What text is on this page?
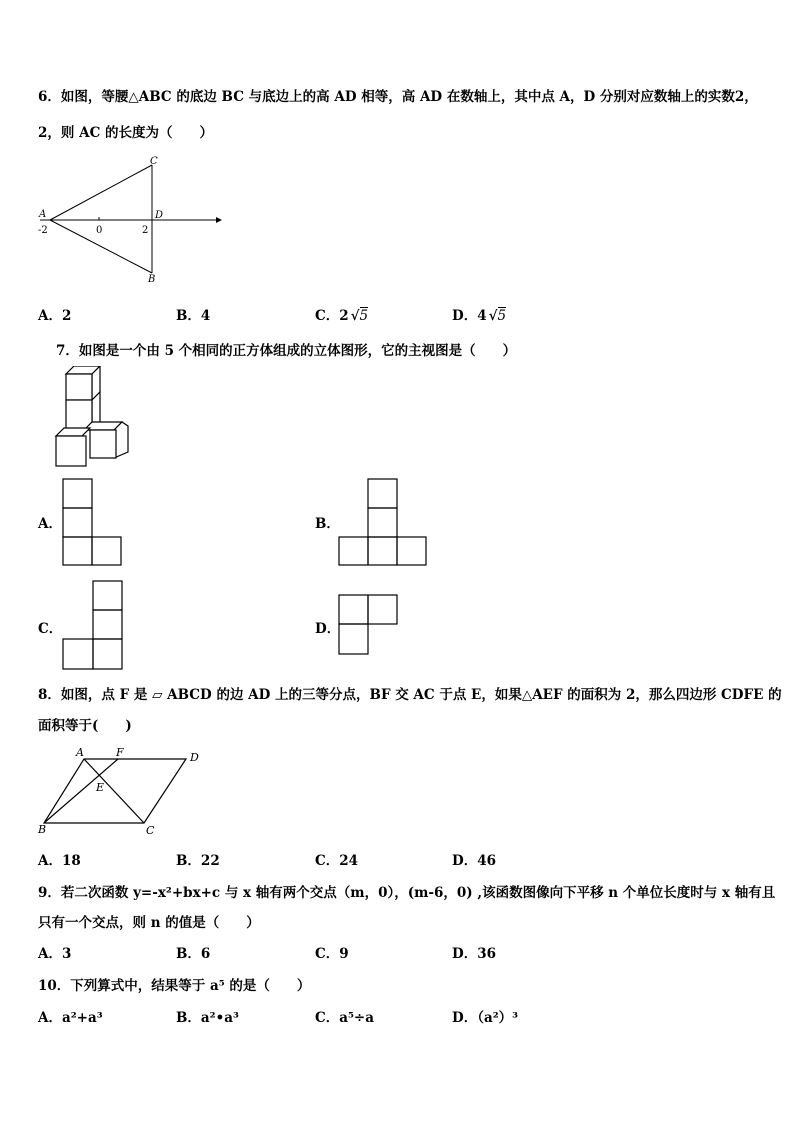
6．如图，等腰△ABC 的底边 BC 与底边上的高 AD 相等，高 AD 在数轴上，其中点 A，D 分别对应数轴上的实数2，
2，则 AC 的长度为（　　）
A
-2	0	2
D
C
B
A．2	B．4	C．2 √5	D．4 √5
7．如图是一个由 5 个相同的正方体组成的立体图形，它的主视图是（　　）
A．	B．
C．	D．
8．如图，点 F 是 ▱ ABCD 的边 AD 上的三等分点，BF 交 AC 于点 E，如果△AEF 的面积为 2，那么四边形 CDFE 的
面积等于(　　)
A	F	D
E
B	C
A．18	B．22	C．24	D．46
9．若二次函数 y=-x²+bx+c 与 x 轴有两个交点（m，0），(m-6，0) ,该函数图像向下平移 n 个单位长度时与 x 轴有且
只有一个交点，则 n 的值是（　　）
A．3	B．6	C．9	D．36
10．下列算式中，结果等于 a⁵ 的是（　　）
A．a²+a³	B．a²•a³	C．a⁵÷a	D．（a²）³
